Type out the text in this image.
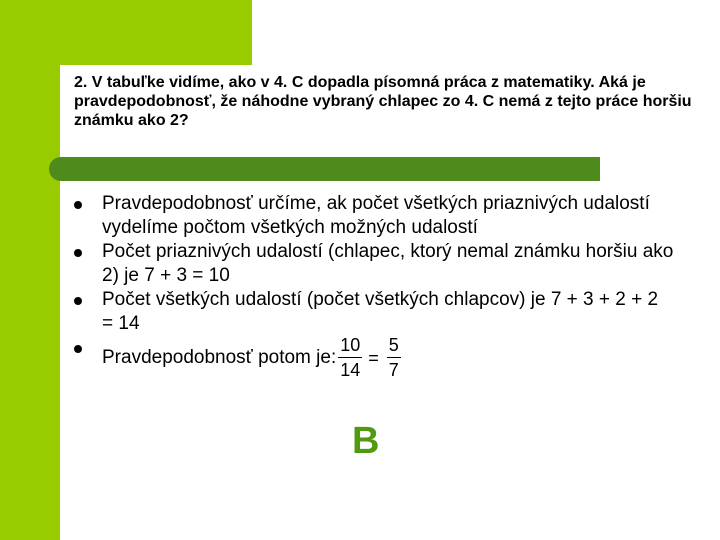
2. V tabuľke vidíme, ako v 4. C dopadla písomná práca z matematiky. Aká je pravdepodobnosť, že náhodne vybraný chlapec zo 4. C nemá z tejto práce horšiu známku ako 2?

Pravdepodobnosť určíme, ak počet všetkých priaznivých udalostí vydelíme počtom všetkých možných udalostí
Počet priaznivých udalostí (chlapec, ktorý nemal známku horšiu ako 2) je 7 + 3 = 10
Počet všetkých udalostí (počet všetkých chlapcov) je 7 + 3 + 2 + 2 = 14
Pravdepodobnosť potom je: $\frac{10}{14} = \frac{5}{7}$
B
